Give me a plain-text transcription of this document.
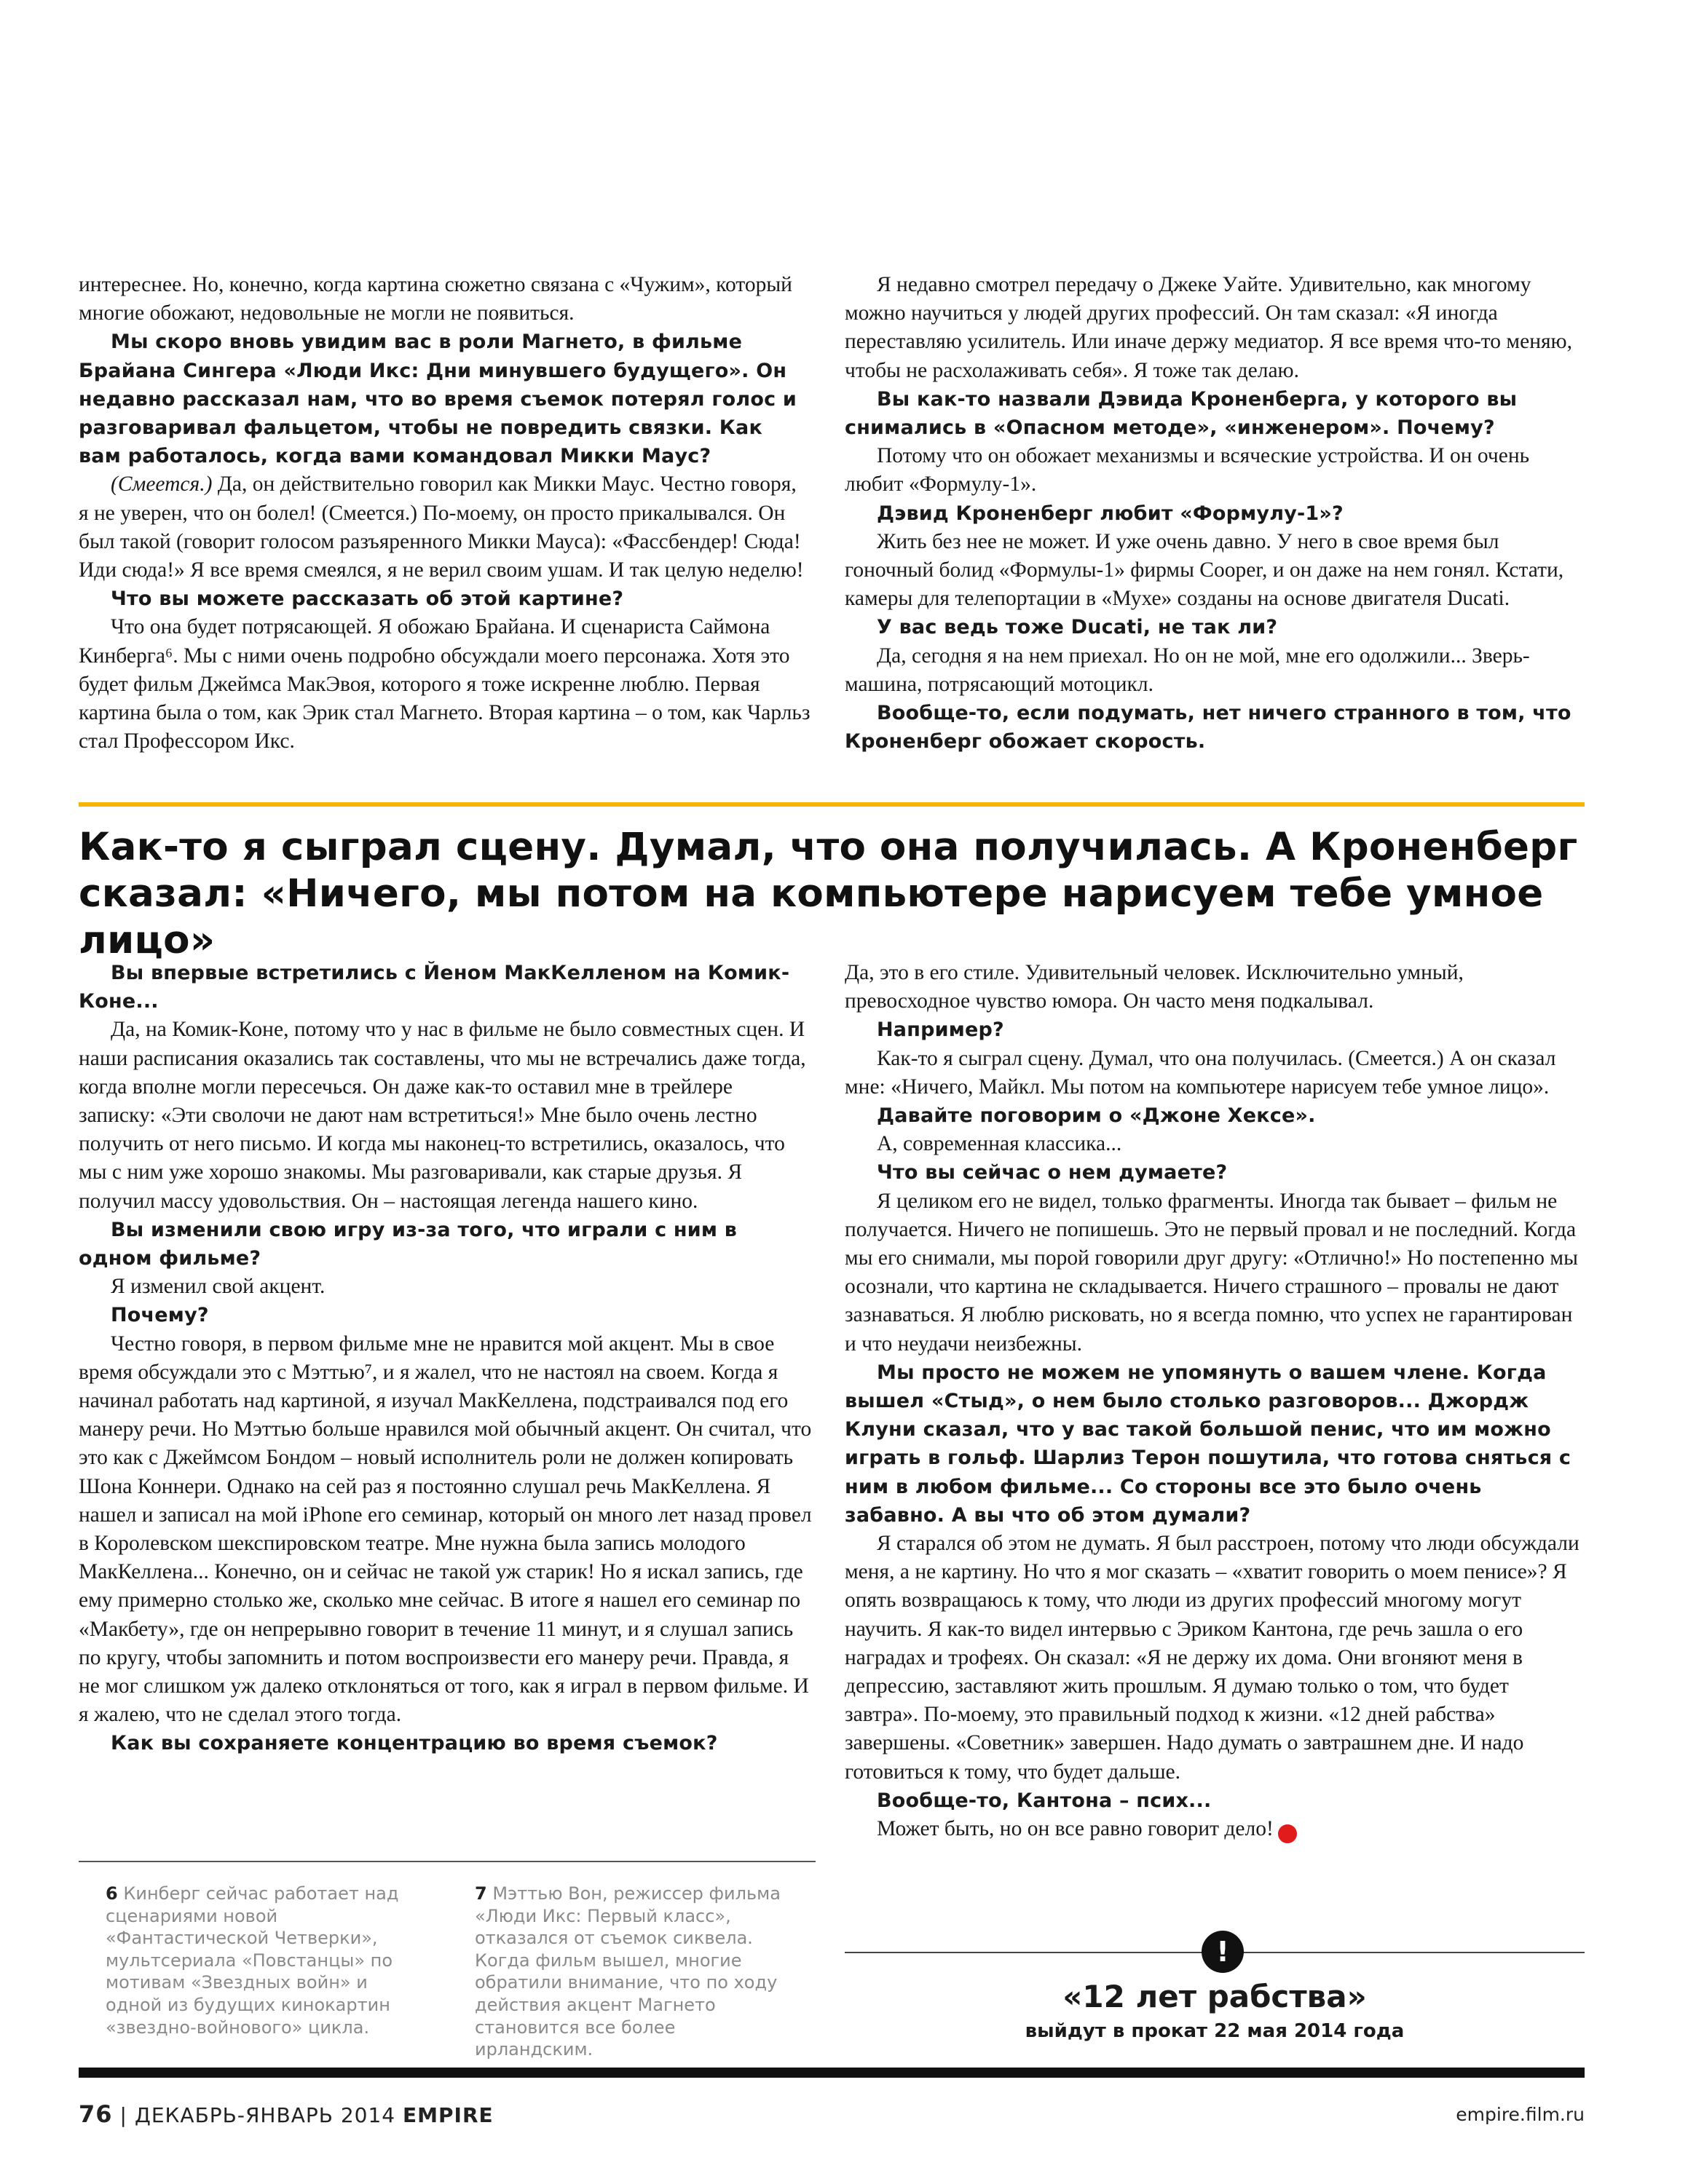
интереснее. Но, конечно, когда картина сюжетно связана с «Чужим», который многие обожают, недовольные не могли не появиться.

Мы скоро вновь увидим вас в роли Магнето, в фильме Брайана Сингера «Люди Икс: Дни минувшего будущего». Он недавно рассказал нам, что во время съемок потерял голос и разговаривал фальцетом, чтобы не повредить связки. Как вам работалось, когда вами командовал Микки Маус?

(Смеется.) Да, он действительно говорил как Микки Маус. Честно говоря, я не уверен, что он болел! (Смеется.) По-моему, он просто прикалывался. Он был такой (говорит голосом разъяренного Микки Мауса): «Фассбендер! Сюда! Иди сюда!» Я все время смеялся, я не верил своим ушам. И так целую неделю!

Что вы можете рассказать об этой картине?

Что она будет потрясающей. Я обожаю Брайана. И сценариста Саймона Кинберга⁶. Мы с ними очень подробно обсуждали моего персонажа. Хотя это будет фильм Джеймса МакЭвоя, которого я тоже искренне люблю. Первая картина была о том, как Эрик стал Магнето. Вторая картина – о том, как Чарльз стал Профессором Икс.

Я недавно смотрел передачу о Джеке Уайте. Удивительно, как многому можно научиться у людей других профессий. Он там сказал: «Я иногда переставляю усилитель. Или иначе держу медиатор. Я все время что-то меняю, чтобы не расхолаживать себя». Я тоже так делаю.

Вы как-то назвали Дэвида Кроненберга, у которого вы снимались в «Опасном методе», «инженером». Почему?

Потому что он обожает механизмы и всяческие устройства. И он очень любит «Формулу-1».

Дэвид Кроненберг любит «Формулу-1»?

Жить без нее не может. И уже очень давно. У него в свое время был гоночный болид «Формулы-1» фирмы Cooper, и он даже на нем гонял. Кстати, камеры для телепортации в «Мухе» созданы на основе двигателя Ducati.

У вас ведь тоже Ducati, не так ли?

Да, сегодня я на нем приехал. Но он не мой, мне его одолжили... Зверь-машина, потрясающий мотоцикл.

Вообще-то, если подумать, нет ничего странного в том, что Кроненберг обожает скорость.

Как-то я сыграл сцену. Думал, что она получилась. А Кроненберг сказал: «Ничего, мы потом на компьютере нарисуем тебе умное лицо»

Вы впервые встретились с Йеном МакКелленом на Комик-Коне...

Да, на Комик-Коне, потому что у нас в фильме не было совместных сцен. И наши расписания оказались так составлены, что мы не встречались даже тогда, когда вполне могли пересечься. Он даже как-то оставил мне в трейлере записку: «Эти сволочи не дают нам встретиться!» Мне было очень лестно получить от него письмо. И когда мы наконец-то встретились, оказалось, что мы с ним уже хорошо знакомы. Мы разговаривали, как старые друзья. Я получил массу удовольствия. Он – настоящая легенда нашего кино.

Вы изменили свою игру из-за того, что играли с ним в одном фильме?

Я изменил свой акцент.

Почему?

Честно говоря, в первом фильме мне не нравится мой акцент. Мы в свое время обсуждали это с Мэттью⁷, и я жалел, что не настоял на своем. Когда я начинал работать над картиной, я изучал МакКеллена, подстраивался под его манеру речи. Но Мэттью больше нравился мой обычный акцент. Он считал, что это как с Джеймсом Бондом – новый исполнитель роли не должен копировать Шона Коннери. Однако на сей раз я постоянно слушал речь МакКеллена. Я нашел и записал на мой iPhone его семинар, который он много лет назад провел в Королевском шекспировском театре. Мне нужна была запись молодого МакКеллена... Конечно, он и сейчас не такой уж старик! Но я искал запись, где ему примерно столько же, сколько мне сейчас. В итоге я нашел его семинар по «Макбету», где он непрерывно говорит в течение 11 минут, и я слушал запись по кругу, чтобы запомнить и потом воспроизвести его манеру речи. Правда, я не мог слишком уж далеко отклоняться от того, как я играл в первом фильме. И я жалею, что не сделал этого тогда.

Как вы сохраняете концентрацию во время съемок?

Да, это в его стиле. Удивительный человек. Исключительно умный, превосходное чувство юмора. Он часто меня подкалывал.

Например?

Как-то я сыграл сцену. Думал, что она получилась. (Смеется.) А он сказал мне: «Ничего, Майкл. Мы потом на компьютере нарисуем тебе умное лицо».

Давайте поговорим о «Джоне Хексе».

А, современная классика...

Что вы сейчас о нем думаете?

Я целиком его не видел, только фрагменты. Иногда так бывает – фильм не получается. Ничего не попишешь. Это не первый провал и не последний. Когда мы его снимали, мы порой говорили друг другу: «Отлично!» Но постепенно мы осознали, что картина не складывается. Ничего страшного – провалы не дают зазнаваться. Я люблю рисковать, но я всегда помню, что успех не гарантирован и что неудачи неизбежны.

Мы просто не можем не упомянуть о вашем члене. Когда вышел «Стыд», о нем было столько разговоров... Джордж Клуни сказал, что у вас такой большой пенис, что им можно играть в гольф. Шарлиз Терон пошутила, что готова сняться с ним в любом фильме... Со стороны все это было очень забавно. А вы что об этом думали?

Я старался об этом не думать. Я был расстроен, потому что люди обсуждали меня, а не картину. Но что я мог сказать – «хватит говорить о моем пенисе»? Я опять возвращаюсь к тому, что люди из других профессий многому могут научить. Я как-то видел интервью с Эриком Кантона, где речь зашла о его наградах и трофеях. Он сказал: «Я не держу их дома. Они вгоняют меня в депрессию, заставляют жить прошлым. Я думаю только о том, что будет завтра». По-моему, это правильный подход к жизни. «12 дней рабства» завершены. «Советник» завершен. Надо думать о завтрашнем дне. И надо готовиться к тому, что будет дальше.

Вообще-то, Кантона – псих...

Может быть, но он все равно говорит дело!	E

6 Кинберг сейчас работает над сценариями новой «Фантастической Четверки», мультсериала «Повстанцы» по мотивам «Звездных войн» и одной из будущих кинокартин «звездно-войнового» цикла.
7 Мэттью Вон, режиссер фильма «Люди Икс: Первый класс», отказался от съемок сиквела. Когда фильм вышел, многие обратили внимание, что по ходу действия акцент Магнето становится все более ирландским.
!
«12 лет рабства»
выйдут в прокат 22 мая 2014 года
76 | ДЕКАБРЬ-ЯНВАРЬ 2014 EMPIRE	empire.film.ru
